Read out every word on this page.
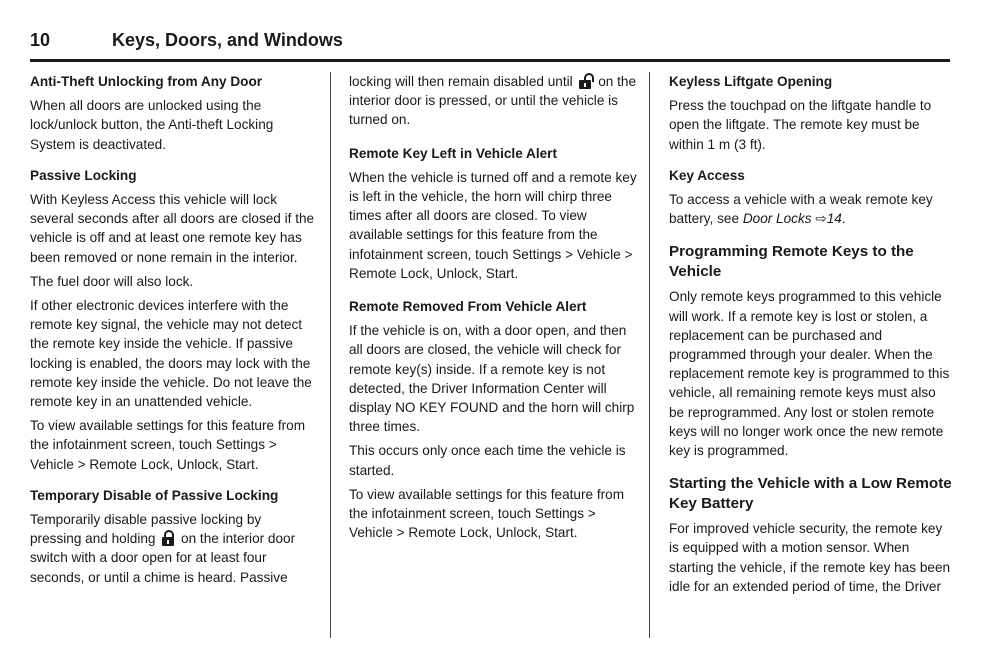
10	Keys, Doors, and Windows
Anti-Theft Unlocking from Any Door

When all doors are unlocked using the lock/unlock button, the Anti-theft Locking System is deactivated.

Passive Locking

With Keyless Access this vehicle will lock several seconds after all doors are closed if the vehicle is off and at least one remote key has been removed or none remain in the interior.

The fuel door will also lock.

If other electronic devices interfere with the remote key signal, the vehicle may not detect the remote key inside the vehicle. If passive locking is enabled, the doors may lock with the remote key inside the vehicle. Do not leave the remote key in an unattended vehicle.

To view available settings for this feature from the infotainment screen, touch Settings > Vehicle > Remote Lock, Unlock, Start.

Temporary Disable of Passive Locking

Temporarily disable passive locking by pressing and holding on the interior door switch with a door open for at least four seconds, or until a chime is heard. Passive

locking will then remain disabled until on the interior door is pressed, or until the vehicle is turned on.

Remote Key Left in Vehicle Alert

When the vehicle is turned off and a remote key is left in the vehicle, the horn will chirp three times after all doors are closed. To view available settings for this feature from the infotainment screen, touch Settings > Vehicle > Remote Lock, Unlock, Start.

Remote Removed From Vehicle Alert

If the vehicle is on, with a door open, and then all doors are closed, the vehicle will check for remote key(s) inside. If a remote key is not detected, the Driver Information Center will display NO KEY FOUND and the horn will chirp three times.

This occurs only once each time the vehicle is started.

To view available settings for this feature from the infotainment screen, touch Settings > Vehicle > Remote Lock, Unlock, Start.

Keyless Liftgate Opening

Press the touchpad on the liftgate handle to open the liftgate. The remote key must be within 1 m (3 ft).

Key Access

To access a vehicle with a weak remote key battery, see Door Locks ⇨14.

Programming Remote Keys to the Vehicle

Only remote keys programmed to this vehicle will work. If a remote key is lost or stolen, a replacement can be purchased and programmed through your dealer. When the replacement remote key is programmed to this vehicle, all remaining remote keys must also be reprogrammed. Any lost or stolen remote keys will no longer work once the new remote key is programmed.

Starting the Vehicle with a Low Remote Key Battery

For improved vehicle security, the remote key is equipped with a motion sensor. When starting the vehicle, if the remote key has been idle for an extended period of time, the Driver
